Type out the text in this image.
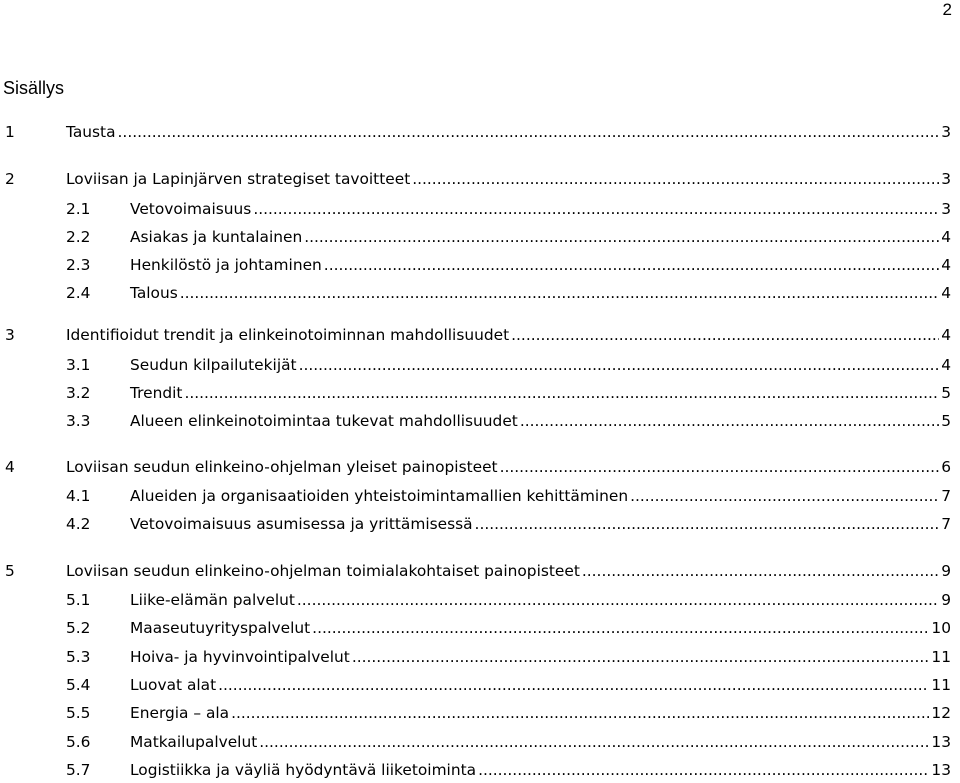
2
Sisällys
1	Tausta .....	3
2	Loviisan ja Lapinjärven strategiset tavoitteet .....	3
2.1	Vetovoimaisuus .....	3
2.2	Asiakas ja kuntalainen .....	4
2.3	Henkilöstö ja johtaminen .....	4
2.4	Talous .....	4
3	Identifioidut trendit ja elinkeinotoiminnan mahdollisuudet .....	4
3.1	Seudun kilpailutekijät .....	4
3.2	Trendit .....	5
3.3	Alueen elinkeinotoimintaa tukevat mahdollisuudet .....	5
4	Loviisan seudun elinkeino-ohjelman yleiset painopisteet .....	6
4.1	Alueiden ja organisaatioiden yhteistoimintamallien kehittäminen .....	7
4.2	Vetovoimaisuus asumisessa ja yrittämisessä .....	7
5	Loviisan seudun elinkeino-ohjelman toimialakohtaiset painopisteet .....	9
5.1	Liike-elämän palvelut .....	9
5.2	Maaseutuyrityspalvelut .....	10
5.3	Hoiva- ja hyvinvointipalvelut .....	11
5.4	Luovat alat .....	11
5.5	Energia – ala .....	12
5.6	Matkailupalvelut .....	13
5.7	Logistiikka ja väyliä hyödyntävä liiketoiminta .....	13
